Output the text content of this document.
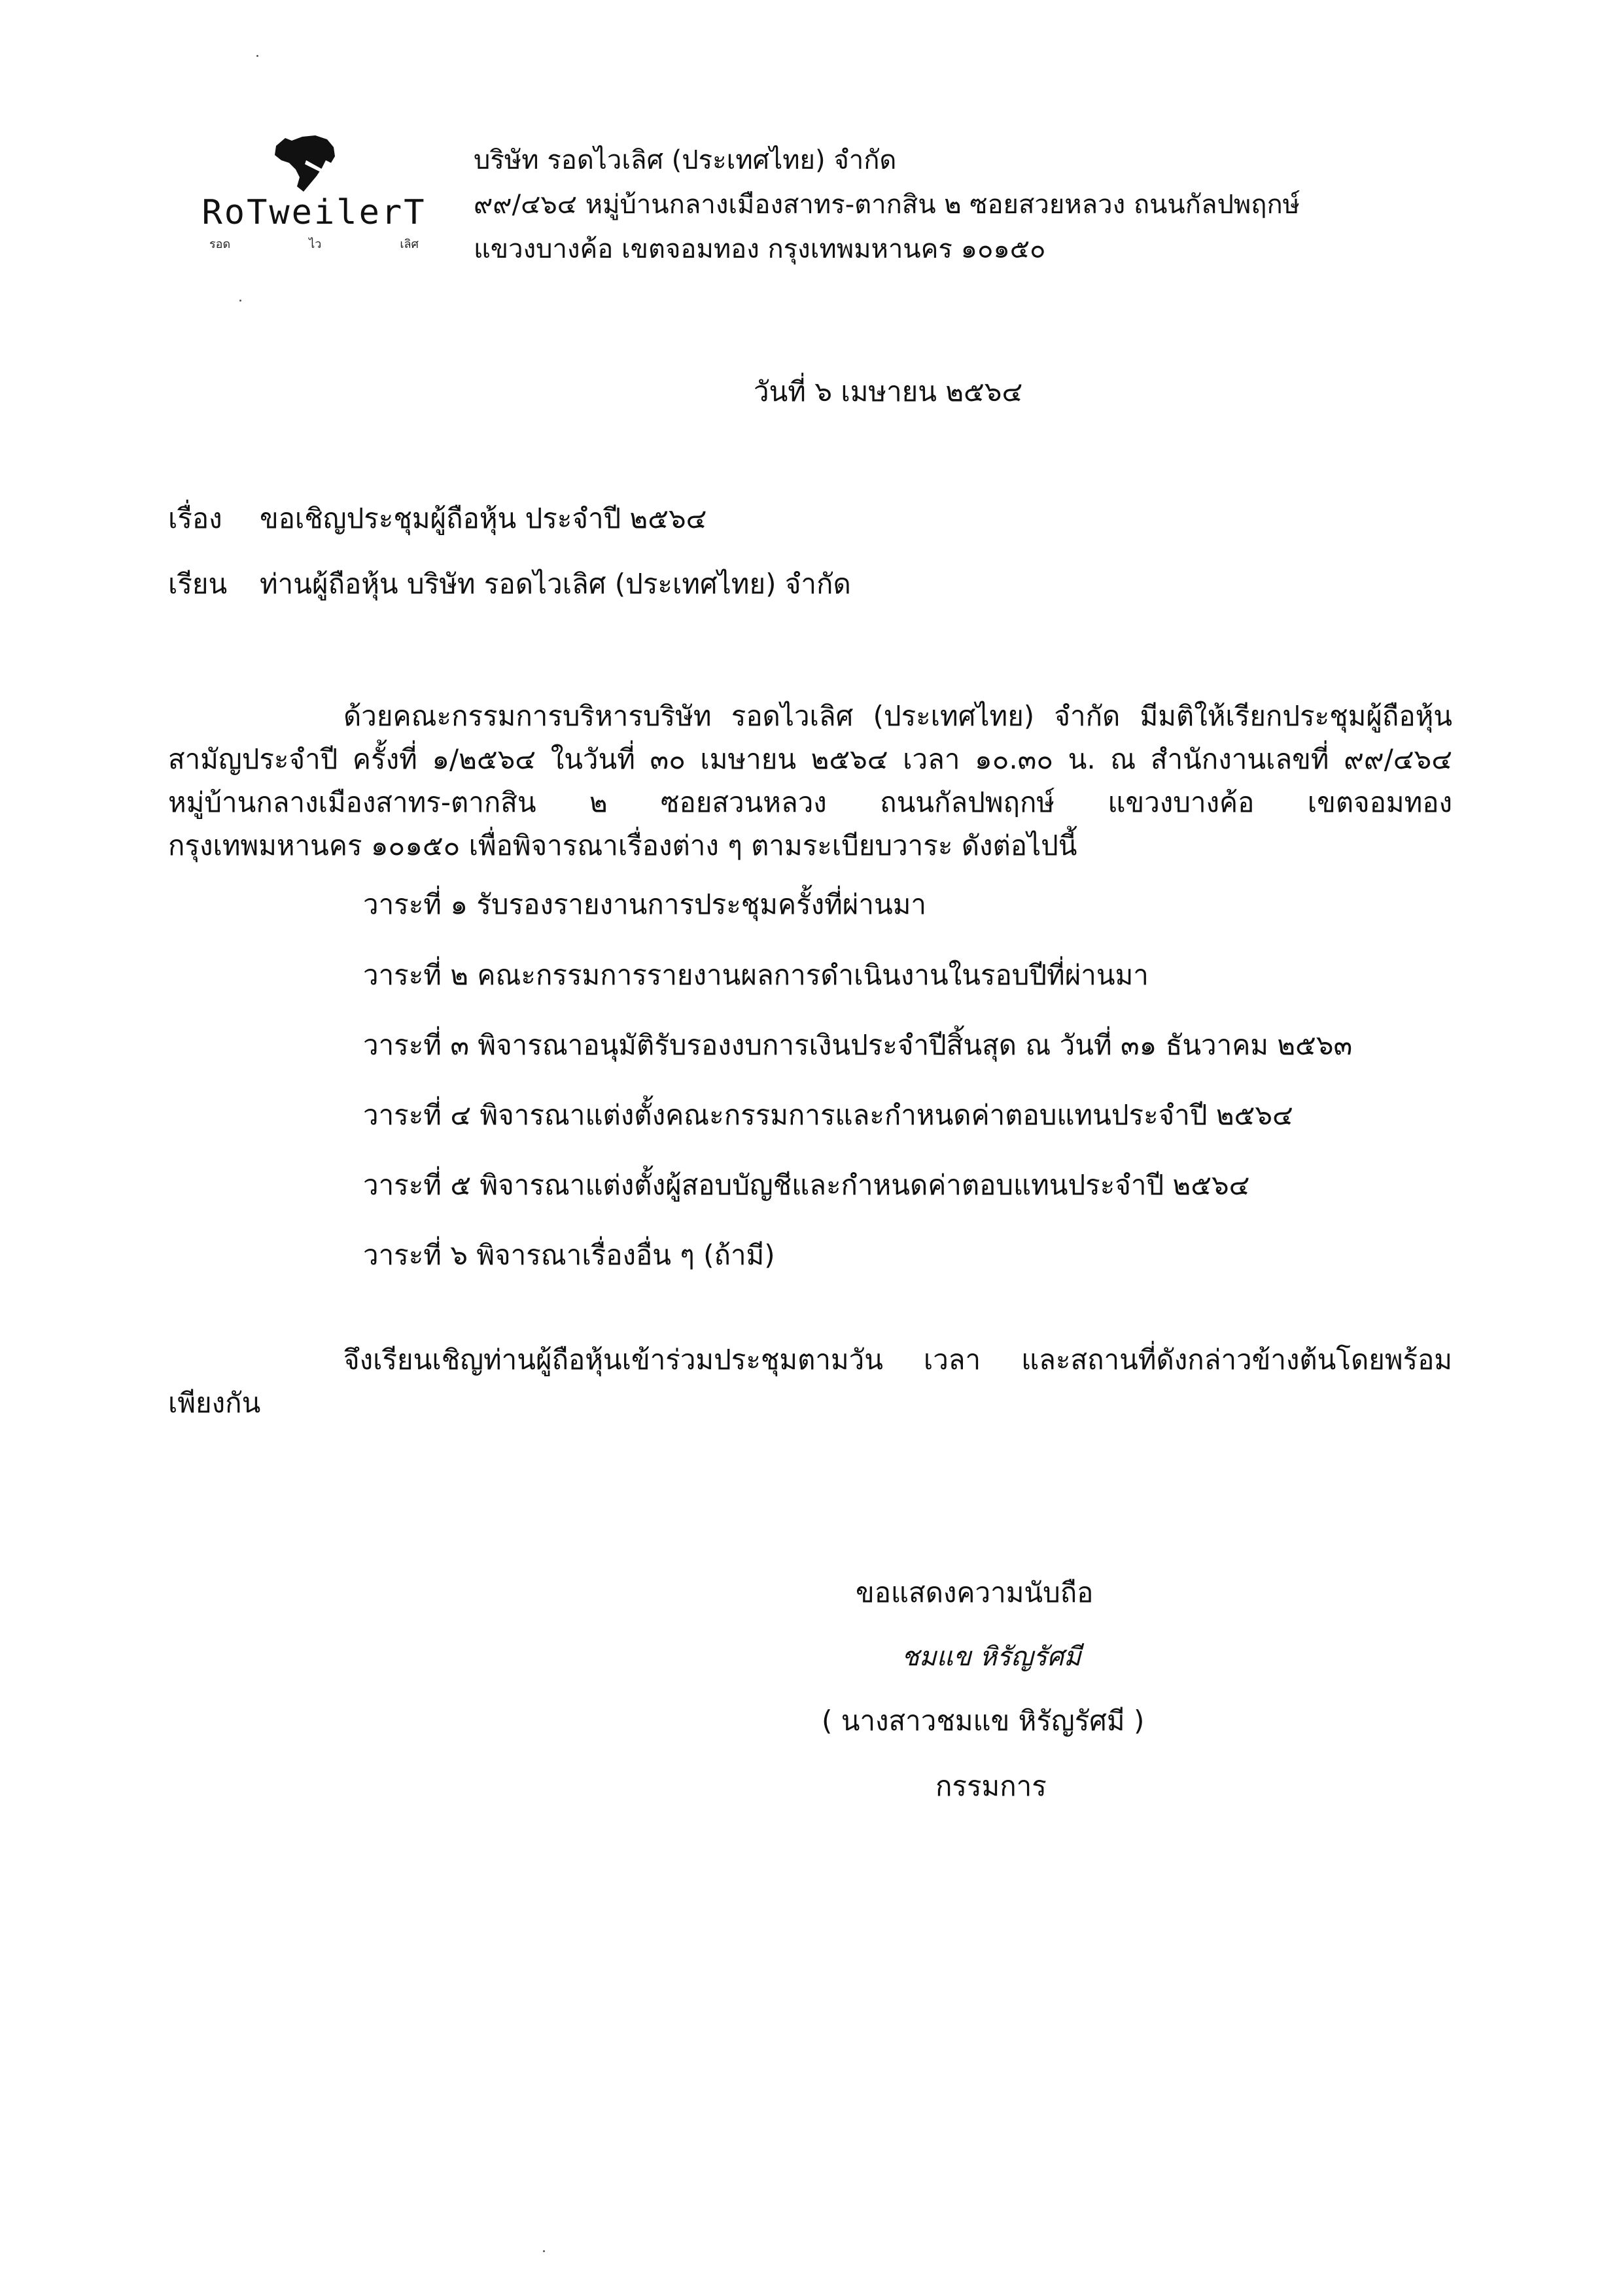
RoTweilerT
รอด	ไว	เลิศ
บริษัท รอดไวเลิศ (ประเทศไทย) จำกัด
๙๙/๔๖๔ หมู่บ้านกลางเมืองสาทร-ตากสิน ๒ ซอยสวยหลวง ถนนกัลปพฤกษ์
แขวงบางค้อ เขตจอมทอง กรุงเทพมหานคร ๑๐๑๕๐
วันที่ ๖ เมษายน ๒๕๖๔
เรื่อง ขอเชิญประชุมผู้ถือหุ้น ประจำปี ๒๕๖๔
เรียน ท่านผู้ถือหุ้น บริษัท รอดไวเลิศ (ประเทศไทย) จำกัด
ด้วยคณะกรรมการบริหารบริษัท รอดไวเลิศ (ประเทศไทย) จำกัด มีมติให้เรียกประชุมผู้ถือหุ้น
สามัญประจำปี ครั้งที่ ๑/๒๕๖๔ ในวันที่ ๓๐ เมษายน ๒๕๖๔ เวลา ๑๐.๓๐ น. ณ สำนักงานเลขที่ ๙๙/๔๖๔
หมู่บ้านกลางเมืองสาทร-ตากสิน ๒ ซอยสวนหลวง ถนนกัลปพฤกษ์ แขวงบางค้อ เขตจอมทอง
กรุงเทพมหานคร ๑๐๑๕๐ เพื่อพิจารณาเรื่องต่าง ๆ ตามระเบียบวาระ ดังต่อไปนี้
วาระที่ ๑ รับรองรายงานการประชุมครั้งที่ผ่านมา
วาระที่ ๒ คณะกรรมการรายงานผลการดำเนินงานในรอบปีที่ผ่านมา
วาระที่ ๓ พิจารณาอนุมัติรับรองงบการเงินประจำปีสิ้นสุด ณ วันที่ ๓๑ ธันวาคม ๒๕๖๓
วาระที่ ๔ พิจารณาแต่งตั้งคณะกรรมการและกำหนดค่าตอบแทนประจำปี ๒๕๖๔
วาระที่ ๕ พิจารณาแต่งตั้งผู้สอบบัญชีและกำหนดค่าตอบแทนประจำปี ๒๕๖๔
วาระที่ ๖ พิจารณาเรื่องอื่น ๆ (ถ้ามี)
จึงเรียนเชิญท่านผู้ถือหุ้นเข้าร่วมประชุมตามวัน เวลา และสถานที่ดังกล่าวข้างต้นโดยพร้อม
เพียงกัน
ขอแสดงความนับถือ
ชมแข หิรัญรัศมี
( นางสาวชมแข หิรัญรัศมี )
กรรมการ
